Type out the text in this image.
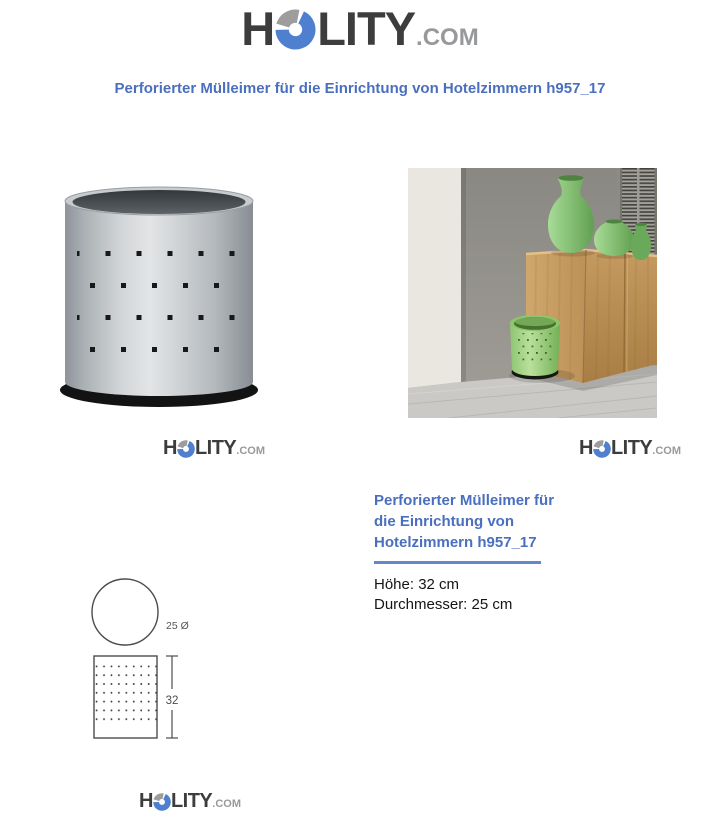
H LITY .COM
Perforierter Mülleimer für die Einrichtung von Hotelzimmern h957_17
H LITY .COM	H LITY .COM
Perforierter Mülleimer für
die Einrichtung von
Hotelzimmern h957_17
Höhe: 32 cm
Durchmesser: 25 cm
25 Ø
32
H LITY .COM
